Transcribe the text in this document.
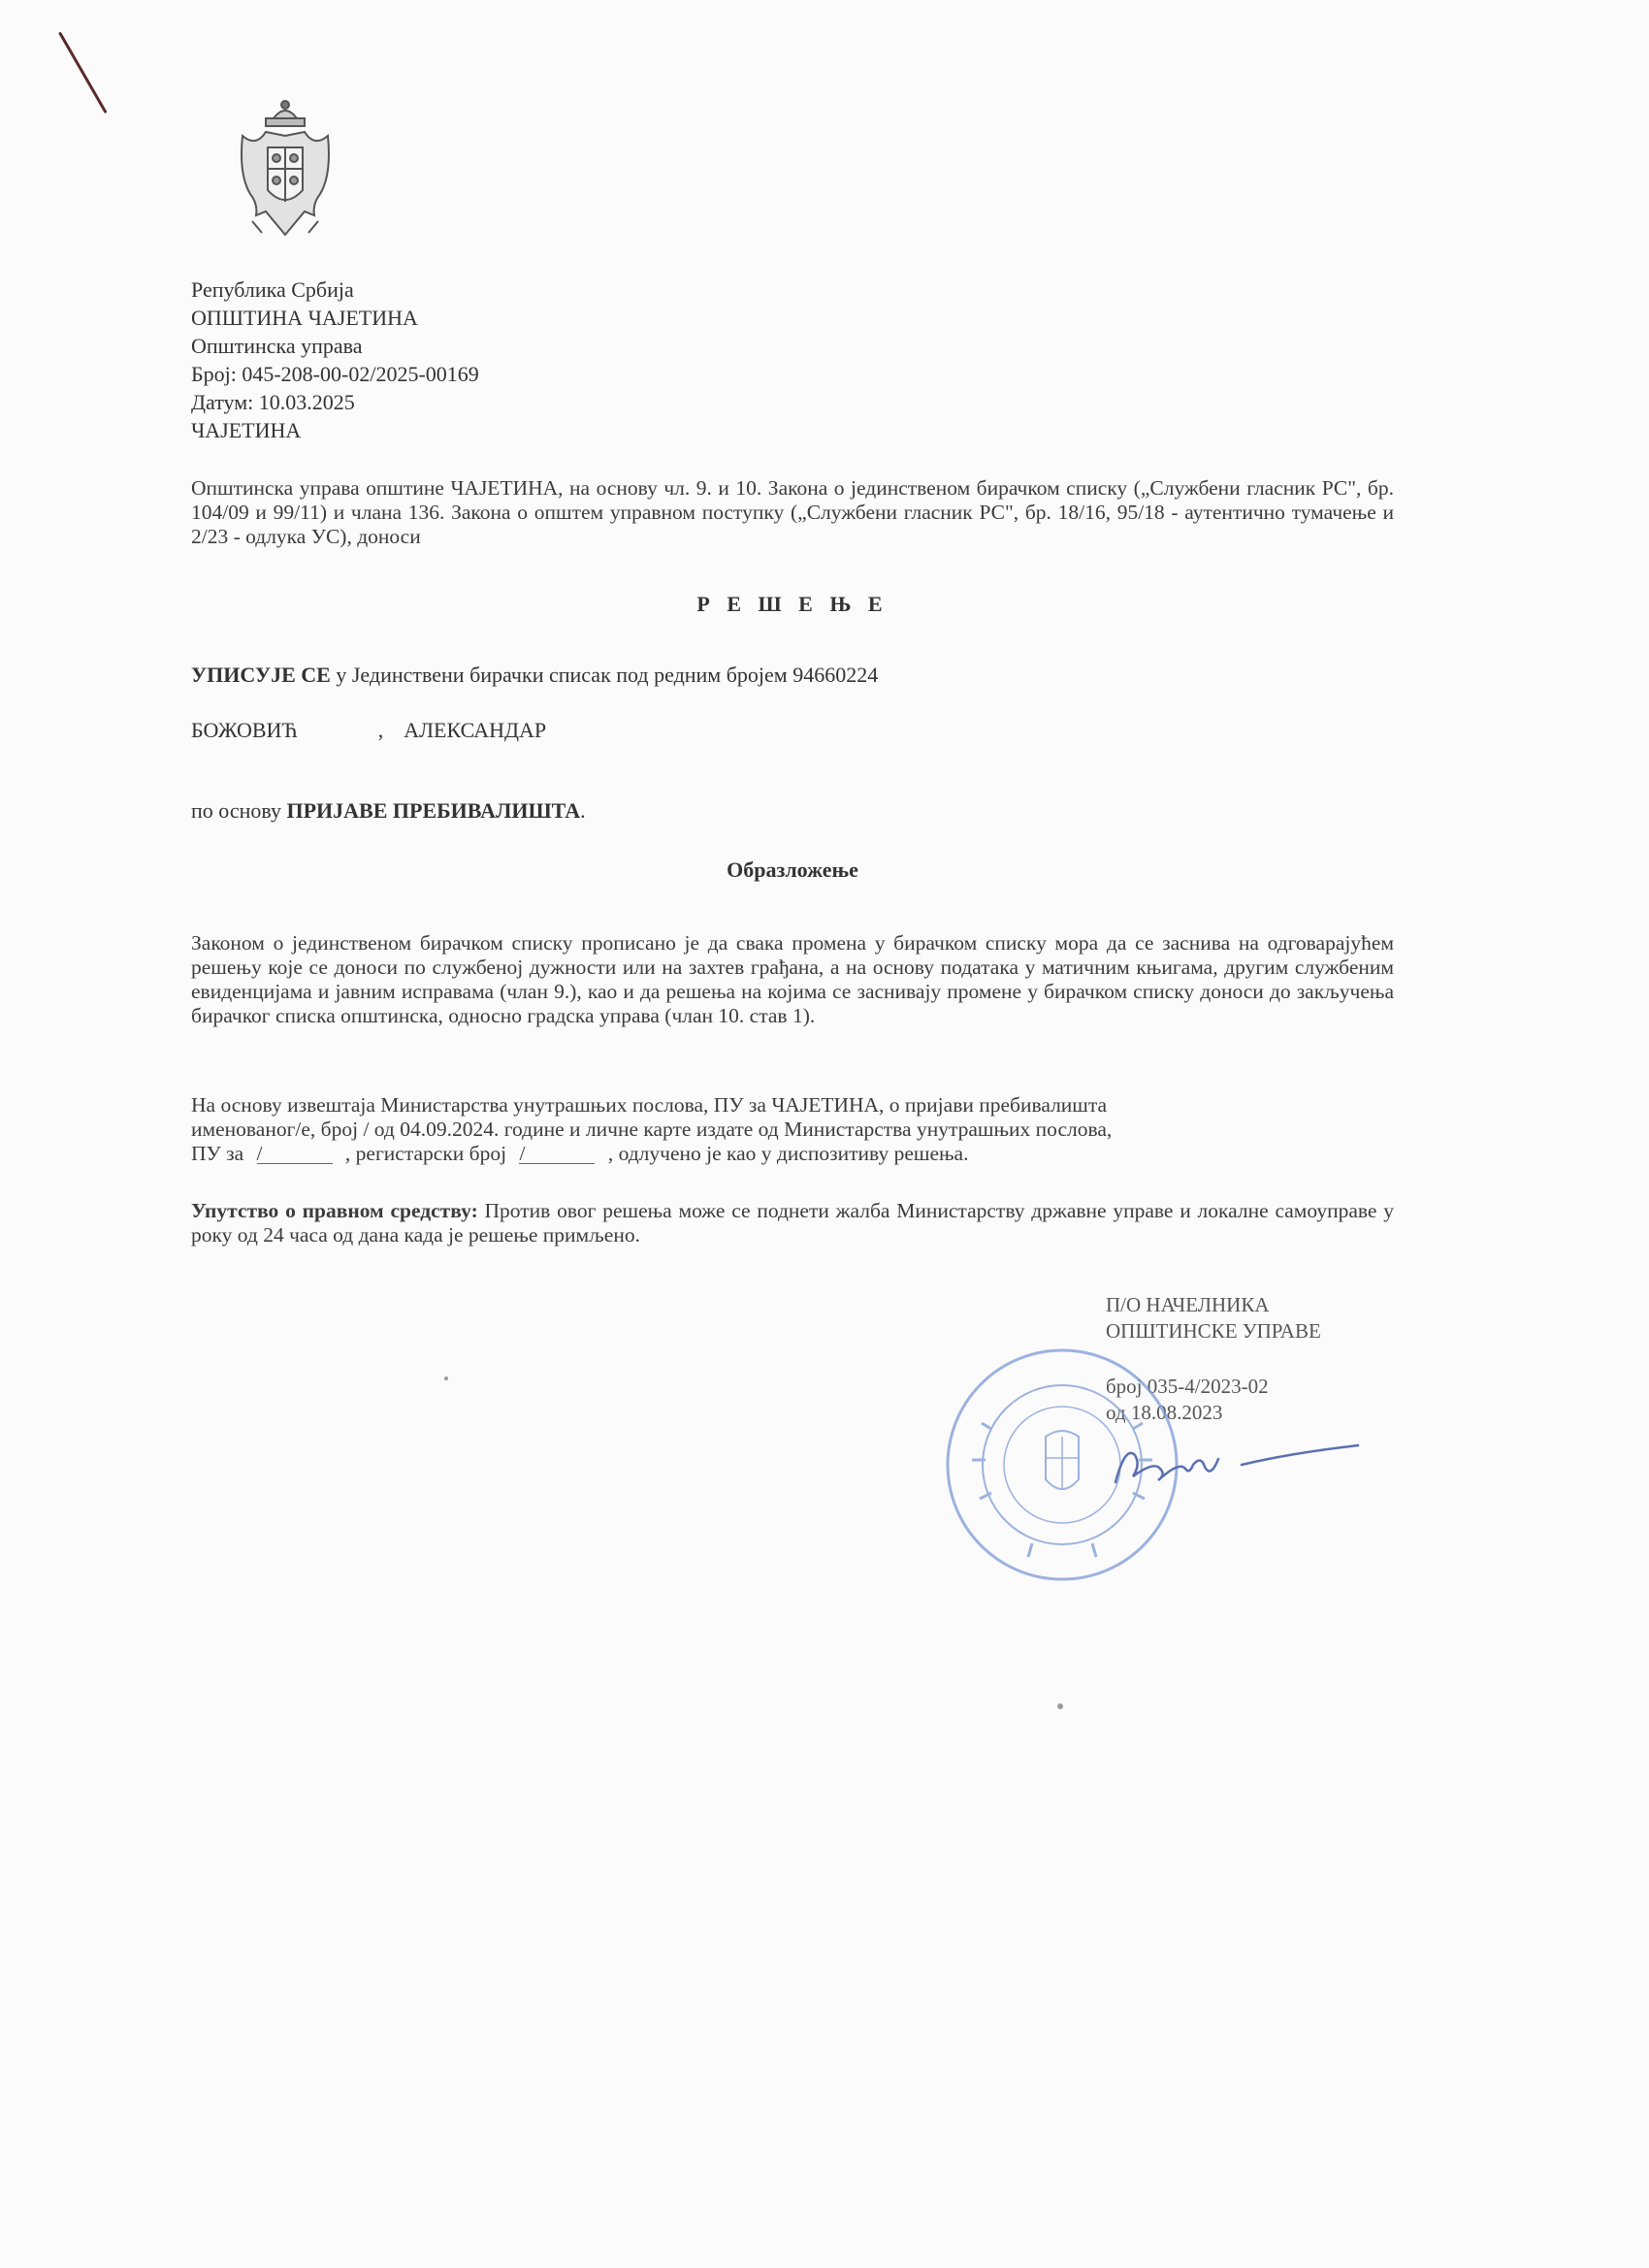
Република Србија
ОПШТИНА ЧАЈЕТИНА
Општинска управа
Број: 045-208-00-02/2025-00169
Датум: 10.03.2025
ЧАЈЕТИНА
Општинска управа општине ЧАЈЕТИНА, на основу чл. 9. и 10. Закона о јединственом бирачком списку („Службени гласник РС", бр. 104/09 и 99/11) и члана 136. Закона о општем управном поступку („Службени гласник РС", бр. 18/16, 95/18 - аутентично тумачење и 2/23 - одлука УС), доноси
Р Е Ш Е Њ Е
УПИСУЈЕ СЕ у Јединствени бирачки списак под редним бројем 94660224
БОЖОВИЋ	, АЛЕКСАНДАР
по основу ПРИЈАВЕ ПРЕБИВАЛИШТА.
Образложење
Законом о јединственом бирачком списку прописано је да свака промена у бирачком списку мора да се заснива на одговарајућем решењу које се доноси по службеној дужности или на захтев грађана, а на основу података у матичним књигама, другим службеним евиденцијама и јавним исправама (члан 9.), као и да решења на којима се заснивају промене у бирачком списку доноси до закључења бирачког списка општинска, односно градска управа (члан 10. став 1).
На основу извештаја Министарства унутрашњих послова, ПУ за ЧАЈЕТИНА, о пријави пребивалишта
именованог/е, број / од 04.09.2024. године и личне карте издате од Министарства унутрашњих послова,
ПУ за /	, регистарски број /	, одлучено је као у диспозитиву решења.
Упутство о правном средству: Против овог решења може се поднети жалба Министарству државне управе и локалне самоуправе у року од 24 часа од дана када је решење примљено.
П/О НАЧЕЛНИКА
ОПШТИНСКЕ УПРАВЕ
број 035-4/2023-02
од 18.08.2023
